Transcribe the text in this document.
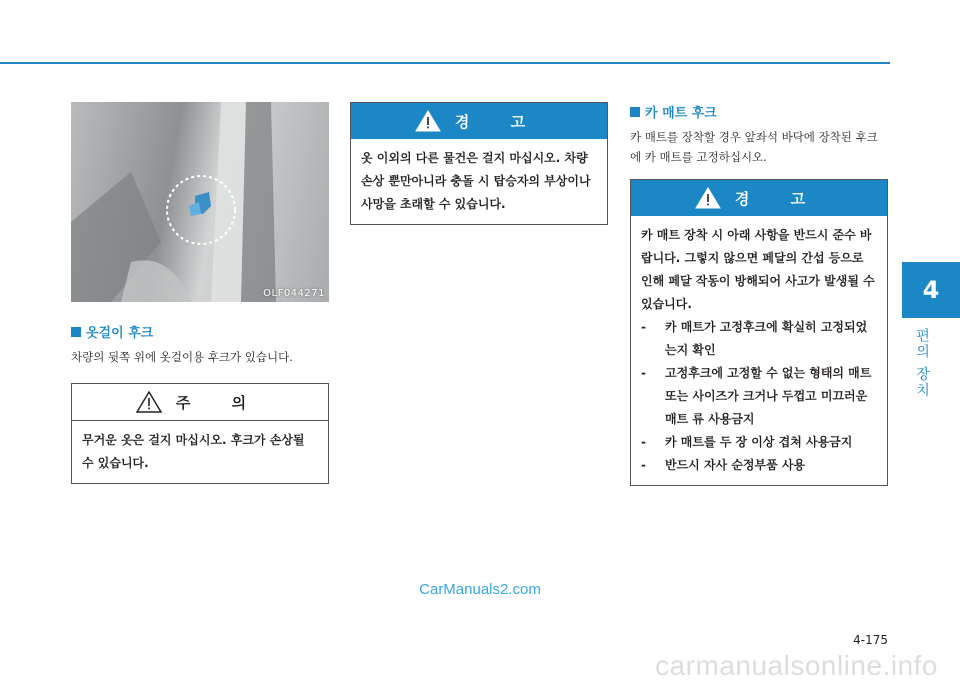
4
편의 장치
OLF044271
옷걸이 후크

차량의 뒷쪽 위에 옷걸이용 후크가 있습니다.

주 의

무거운 옷은 걸지 마십시오. 후크가 손상될 수 있습니다.

경 고

옷 이외의 다른 물건은 걸지 마십시오. 차량 손상 뿐만아니라 충돌 시 탑승자의 부상이나 사망을 초래할 수 있습니다.

카 매트 후크

카 매트를 장착할 경우 앞좌석 바닥에 장착된 후크에 카 매트를 고정하십시오.

경 고

카 매트 장착 시 아래 사항을 반드시 준수 바랍니다. 그렇지 않으면 페달의 간섭 등으로 인해 페달 작동이 방해되어 사고가 발생될 수 있습니다.

- 카 매트가 고정후크에 확실히 고정되었는지 확인
- 고정후크에 고정할 수 없는 형태의 매트 또는 사이즈가 크거나 두껍고 미끄러운 매트 류 사용금지
- 카 매트를 두 장 이상 겹쳐 사용금지
- 반드시 자사 순정부품 사용
CarManuals2.com
4-175
carmanualsonline.info
